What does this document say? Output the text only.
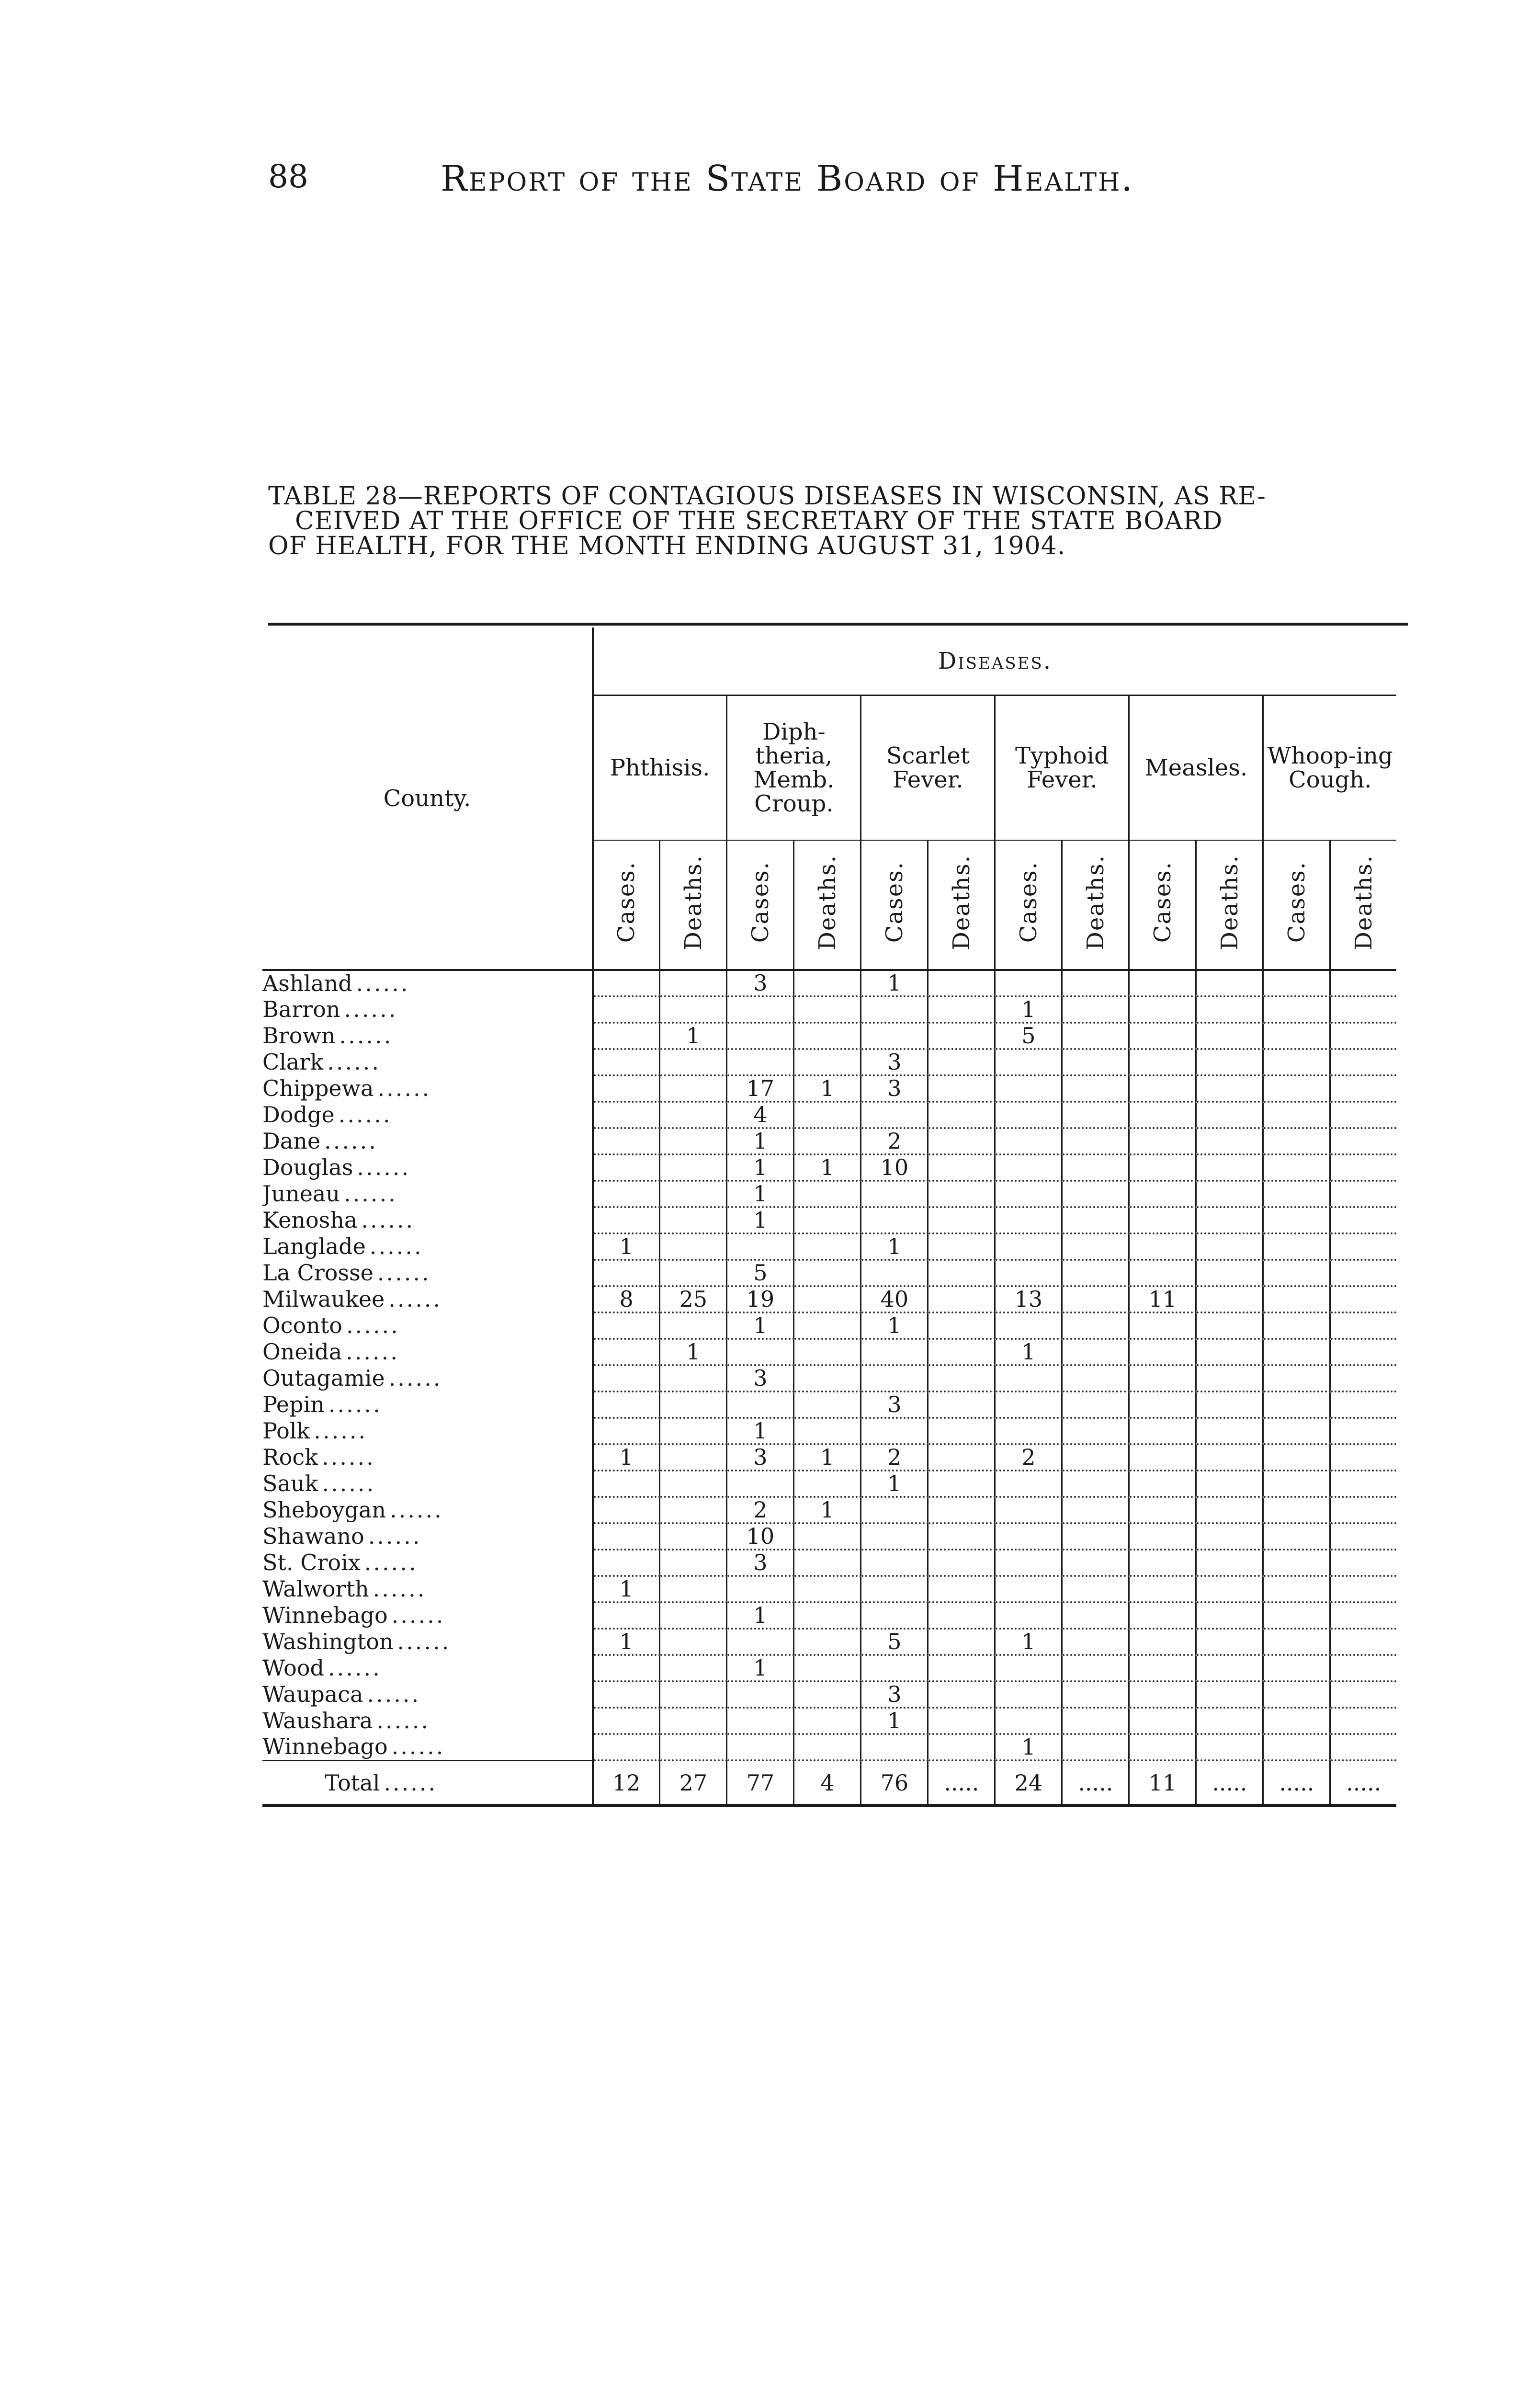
88	Report of the State Board of Health.
TABLE 28—REPORTS OF CONTAGIOUS DISEASES IN WISCONSIN, AS RE-
CEIVED AT THE OFFICE OF THE SECRETARY OF THE STATE BOARD
OF HEALTH, FOR THE MONTH ENDING AUGUST 31, 1904.
County.	Diseases.											
	Phthisis.		Diph-theria, Memb. Croup.		Scarlet Fever.		Typhoid Fever.		Measles.		Whoop-ing Cough.	
	Cases.	Deaths.	Cases.	Deaths.	Cases.	Deaths.	Cases.	Deaths.	Cases.	Deaths.	Cases.	Deaths.
Ashland ......			3		1							
Barron ......							1					
Brown ......		1					5					
Clark ......					3							
Chippewa ......			17	1	3							
Dodge ......			4									
Dane ......			1		2							
Douglas ......			1	1	10							
Juneau ......			1									
Kenosha ......			1									
Langlade ......	1				1							
La Crosse ......			5									
Milwaukee ......	8	25	19		40		13		11			
Oconto ......			1		1							
Oneida ......		1					1					
Outagamie ......			3									
Pepin ......					3							
Polk ......			1									
Rock ......	1		3	1	2		2					
Sauk ......					1							
Sheboygan ......			2	1								
Shawano ......			10									
St. Croix ......			3									
Walworth ......	1											
Winnebago ......			1									
Washington ......	1				5		1					
Wood ......			1									
Waupaca ......					3							
Waushara ......					1							
Winnebago ......							1					
Total ......	12	27	77	4	76	.....	24	.....	11	.....	.....	.....
